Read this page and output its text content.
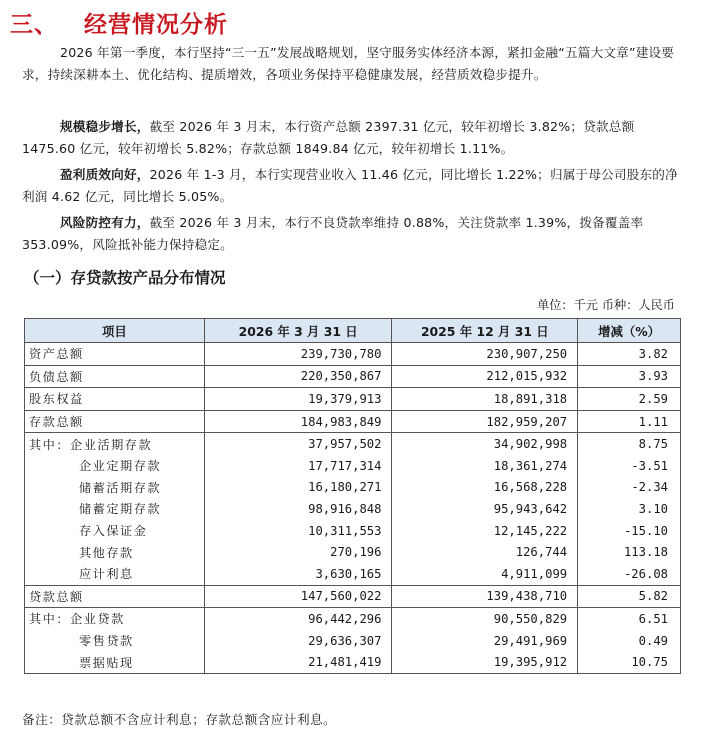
三、 经营情况分析
2026 年第一季度，本行坚持“三一五”发展战略规划，坚守服务实体经济本源，紧扣金融“五篇大文章”建设要求，持续深耕本土、优化结构、提质增效，各项业务保持平稳健康发展，经营质效稳步提升。
规模稳步增长，截至 2026 年 3 月末，本行资产总额 2397.31 亿元，较年初增长 3.82%；贷款总额 1475.60 亿元，较年初增长 5.82%；存款总额 1849.84 亿元，较年初增长 1.11%。
盈利质效向好，2026 年 1-3 月，本行实现营业收入 11.46 亿元，同比增长 1.22%；归属于母公司股东的净利润 4.62 亿元，同比增长 5.05%。
风险防控有力，截至 2026 年 3 月末，本行不良贷款率维持 0.88%，关注贷款率 1.39%，拨备覆盖率 353.09%，风险抵补能力保持稳定。
（一）存贷款按产品分布情况
单位：千元 币种：人民币
项目	2026 年 3 月 31 日	2025 年 12 月 31 日	增减（%）
资产总额	239,730,780	230,907,250	3.82
负债总额	220,350,867	212,015,932	3.93
股东权益	19,379,913	18,891,318	2.59
存款总额	184,983,849	182,959,207	1.11
其中：企业活期存款	37,957,502	34,902,998	8.75
企业定期存款	17,717,314	18,361,274	-3.51
储蓄活期存款	16,180,271	16,568,228	-2.34
储蓄定期存款	98,916,848	95,943,642	3.10
存入保证金	10,311,553	12,145,222	-15.10
其他存款	270,196	126,744	113.18
应计利息	3,630,165	4,911,099	-26.08
贷款总额	147,560,022	139,438,710	5.82
其中：企业贷款	96,442,296	90,550,829	6.51
零售贷款	29,636,307	29,491,969	0.49
票据贴现	21,481,419	19,395,912	10.75
备注：贷款总额不含应计利息；存款总额含应计利息。
